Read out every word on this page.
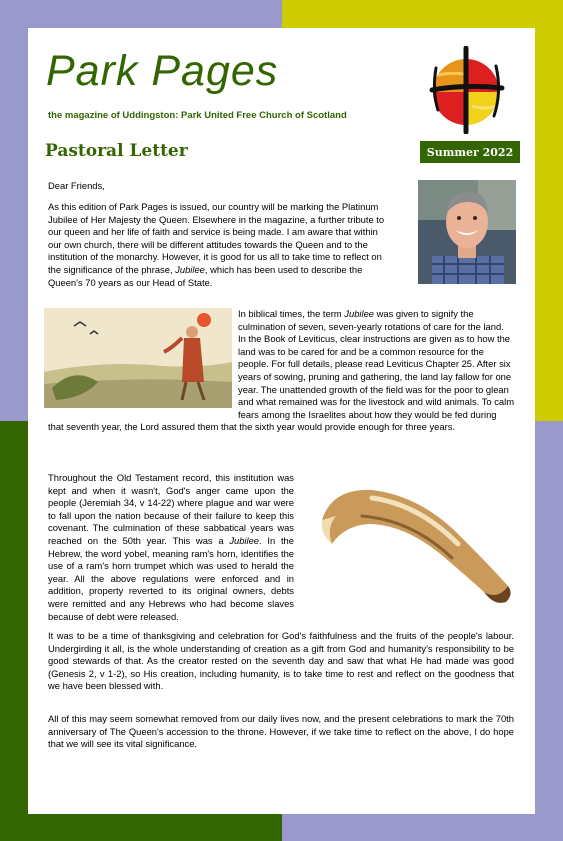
Park Pages
the magazine of Uddingston: Park United Free Church of Scotland
Pastoral Letter	Summer 2022
Dear Friends,

As this edition of Park Pages is issued, our country will be marking the Platinum Jubilee of Her Majesty the Queen. Elsewhere in the magazine, a further tribute to our queen and her life of faith and service is being made. I am aware that within our own church, there will be different attitudes towards the Queen and to the institution of the monarchy. However, it is good for us all to take time to reflect on the significance of the phrase, Jubilee, which has been used to describe the Queen's 70 years as our Head of State.

In biblical times, the term Jubilee was given to signify the culmination of seven, seven-yearly rotations of care for the land. In the Book of Leviticus, clear instructions are given as to how the land was to be cared for and be a common resource for the people. For full details, please read Leviticus Chapter 25. After six years of sowing, pruning and gathering, the land lay fallow for one year. The unattended growth of the field was for the poor to glean and what remained was for the livestock and wild animals. To calm fears among the Israelites about how they would be fed during that seventh year, the Lord assured them that the sixth year would provide enough for three years.

Throughout the Old Testament record, this institution was kept and when it wasn't, God's anger came upon the people (Jeremiah 34, v 14-22) where plague and war were to fall upon the nation because of their failure to keep this covenant. The culmination of these sabbatical years was reached on the 50th year. This was a Jubilee. In the Hebrew, the word yobel, meaning ram's horn, identifies the use of a ram's horn trumpet which was used to herald the year. All the above regulations were enforced and in addition, property reverted to its original owners, debts were remitted and any Hebrews who had become slaves because of debt were released.

It was to be a time of thanksgiving and celebration for God's faithfulness and the fruits of the people's labour. Undergirding it all, is the whole understanding of creation as a gift from God and humanity's responsibility to be good stewards of that. As the creator rested on the seventh day and saw that what He had made was good (Genesis 2, v 1-2), so His creation, including humanity, is to take time to rest and reflect on the goodness that we have been blessed with.

All of this may seem somewhat removed from our daily lives now, and the present celebrations to mark the 70th anniversary of The Queen's accession to the throne. However, if we take time to reflect on the above, I do hope that we will see its vital significance.
